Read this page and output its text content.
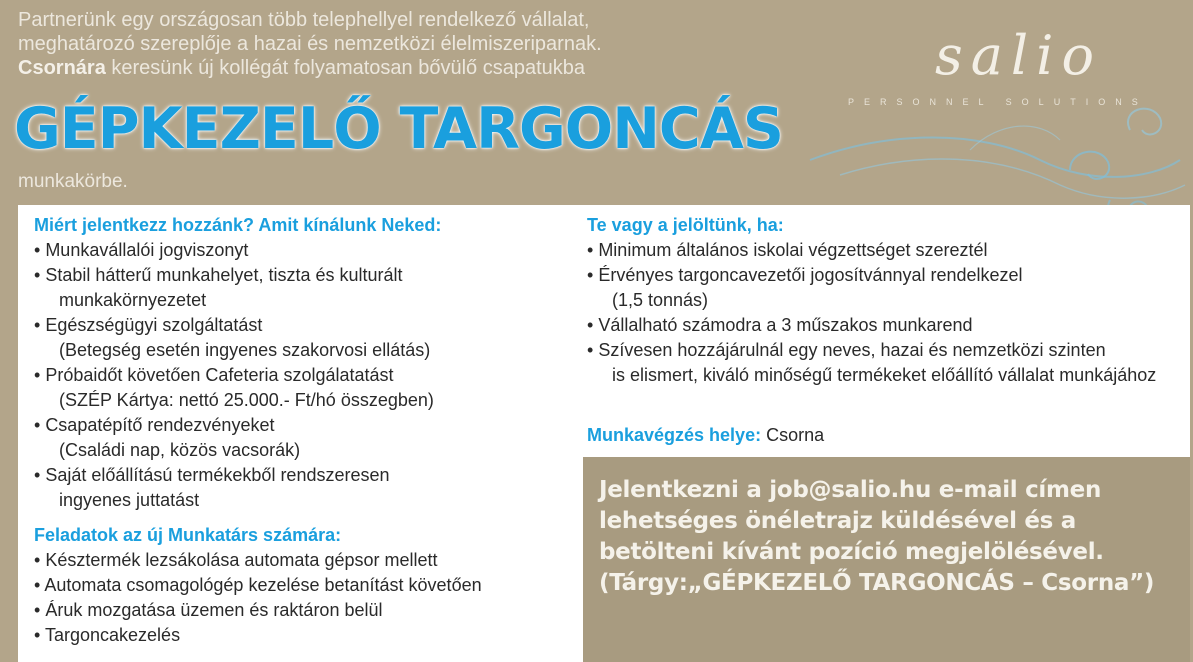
Partnerünk egy országosan több telephellyel rendelkező vállalat,
meghatározó szereplője a hazai és nemzetközi élelmiszeriparnak.
Csornára keresünk új kollégát folyamatosan bővülő csapatukba
GÉPKEZELŐ TARGONCÁS
munkakörbe.
salio
PERSONNEL SOLUTIONS
Miért jelentkezz hozzánk? Amit kínálunk Neked:
• Munkavállalói jogviszonyt
• Stabil hátterű munkahelyet, tiszta és kulturált
munkakörnyezetet
• Egészségügyi szolgáltatást
(Betegség esetén ingyenes szakorvosi ellátás)
• Próbaidőt követően Cafeteria szolgálatatást
(SZÉP Kártya: nettó 25.000.- Ft/hó összegben)
• Csapatépítő rendezvényeket
(Családi nap, közös vacsorák)
• Saját előállítású termékekből rendszeresen
ingyenes juttatást
Feladatok az új Munkatárs számára:
• Késztermék lezsákolása automata gépsor mellett
• Automata csomagológép kezelése betanítást követően
• Áruk mozgatása üzemen és raktáron belül
• Targoncakezelés
Te vagy a jelöltünk, ha:
• Minimum általános iskolai végzettséget szereztél
• Érvényes targoncavezetői jogosítvánnyal rendelkezel
(1,5 tonnás)
• Vállalható számodra a 3 műszakos munkarend
• Szívesen hozzájárulnál egy neves, hazai és nemzetközi szinten
is elismert, kiváló minőségű termékeket előállító vállalat munkájához
Munkavégzés helye: Csorna
Jelentkezni a job@salio.hu e-mail címen lehetséges önéletrajz küldésével és a betölteni kívánt pozíció megjelölésével. (Tárgy:„GÉPKEZELŐ TARGONCÁS – Csorna”)
